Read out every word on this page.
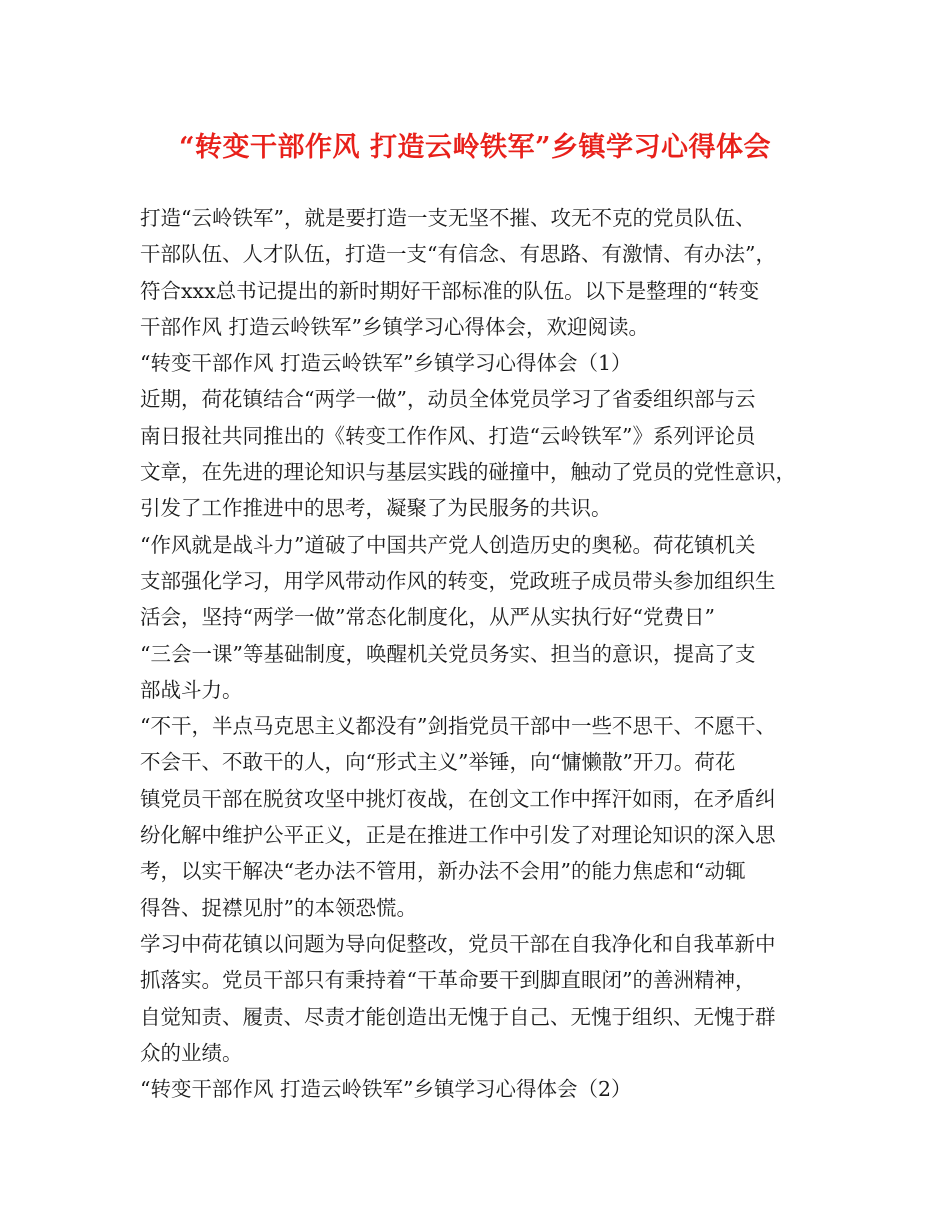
“转变干部作风 打造云岭铁军”乡镇学习心得体会

打造“云岭铁军”，就是要打造一支无坚不摧、攻无不克的党员队伍、

干部队伍、人才队伍，打造一支“有信念、有思路、有激情、有办法”，

符合xxx总书记提出的新时期好干部标准的队伍。以下是整理的“转变

干部作风 打造云岭铁军”乡镇学习心得体会，欢迎阅读。

“转变干部作风 打造云岭铁军”乡镇学习心得体会（1）

近期，荷花镇结合“两学一做”，动员全体党员学习了省委组织部与云

南日报社共同推出的《转变工作作风、打造“云岭铁军”》系列评论员

文章，在先进的理论知识与基层实践的碰撞中，触动了党员的党性意识，

引发了工作推进中的思考，凝聚了为民服务的共识。

“作风就是战斗力”道破了中国共产党人创造历史的奥秘。荷花镇机关

支部强化学习，用学风带动作风的转变，党政班子成员带头参加组织生

活会，坚持“两学一做”常态化制度化，从严从实执行好“党费日”

“三会一课”等基础制度，唤醒机关党员务实、担当的意识，提高了支

部战斗力。

“不干，半点马克思主义都没有”剑指党员干部中一些不思干、不愿干、

不会干、不敢干的人，向“形式主义”举锤，向“慵懒散”开刀。荷花

镇党员干部在脱贫攻坚中挑灯夜战，在创文工作中挥汗如雨，在矛盾纠

纷化解中维护公平正义，正是在推进工作中引发了对理论知识的深入思

考，以实干解决“老办法不管用，新办法不会用”的能力焦虑和“动辄

得咎、捉襟见肘”的本领恐慌。

学习中荷花镇以问题为导向促整改，党员干部在自我净化和自我革新中

抓落实。党员干部只有秉持着“干革命要干到脚直眼闭”的善洲精神，

自觉知责、履责、尽责才能创造出无愧于自己、无愧于组织、无愧于群

众的业绩。

“转变干部作风 打造云岭铁军”乡镇学习心得体会（2）
